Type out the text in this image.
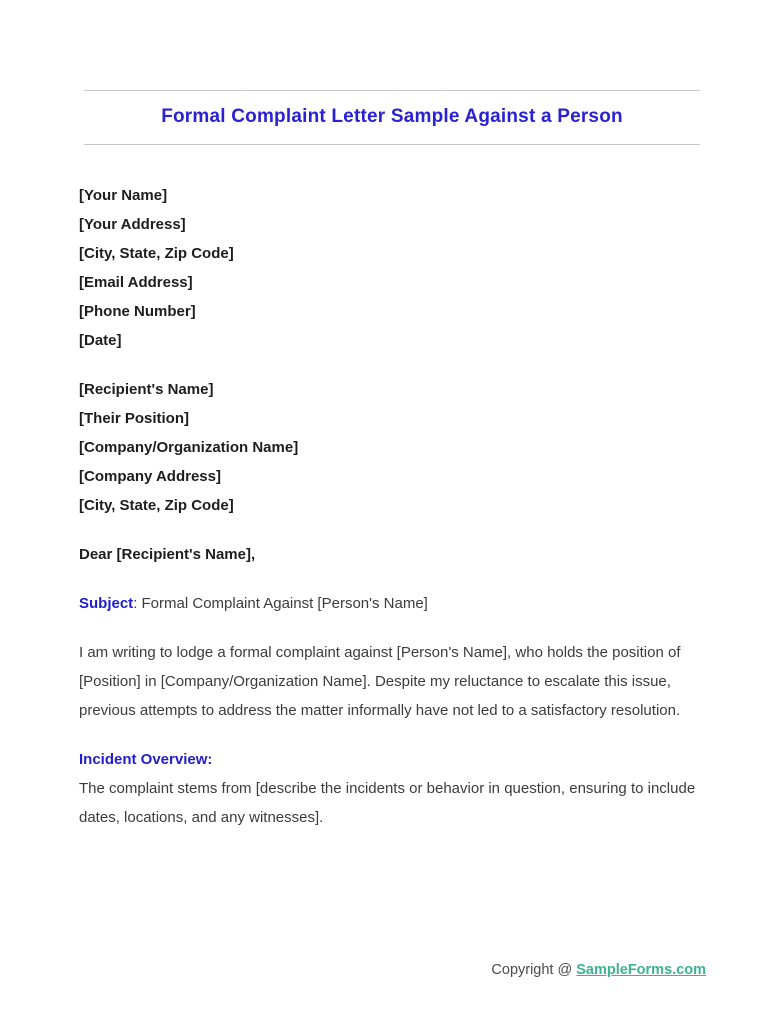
Formal Complaint Letter Sample Against a Person

[Your Name]

[Your Address]

[City, State, Zip Code]

[Email Address]

[Phone Number]

[Date]

[Recipient's Name]

[Their Position]

[Company/Organization Name]

[Company Address]

[City, State, Zip Code]

Dear [Recipient's Name],

Subject: Formal Complaint Against [Person's Name]

I am writing to lodge a formal complaint against [Person's Name], who holds the position of [Position] in [Company/Organization Name]. Despite my reluctance to escalate this issue, previous attempts to address the matter informally have not led to a satisfactory resolution.

Incident Overview:

The complaint stems from [describe the incidents or behavior in question, ensuring to include dates, locations, and any witnesses].

Copyright @ SampleForms.com
